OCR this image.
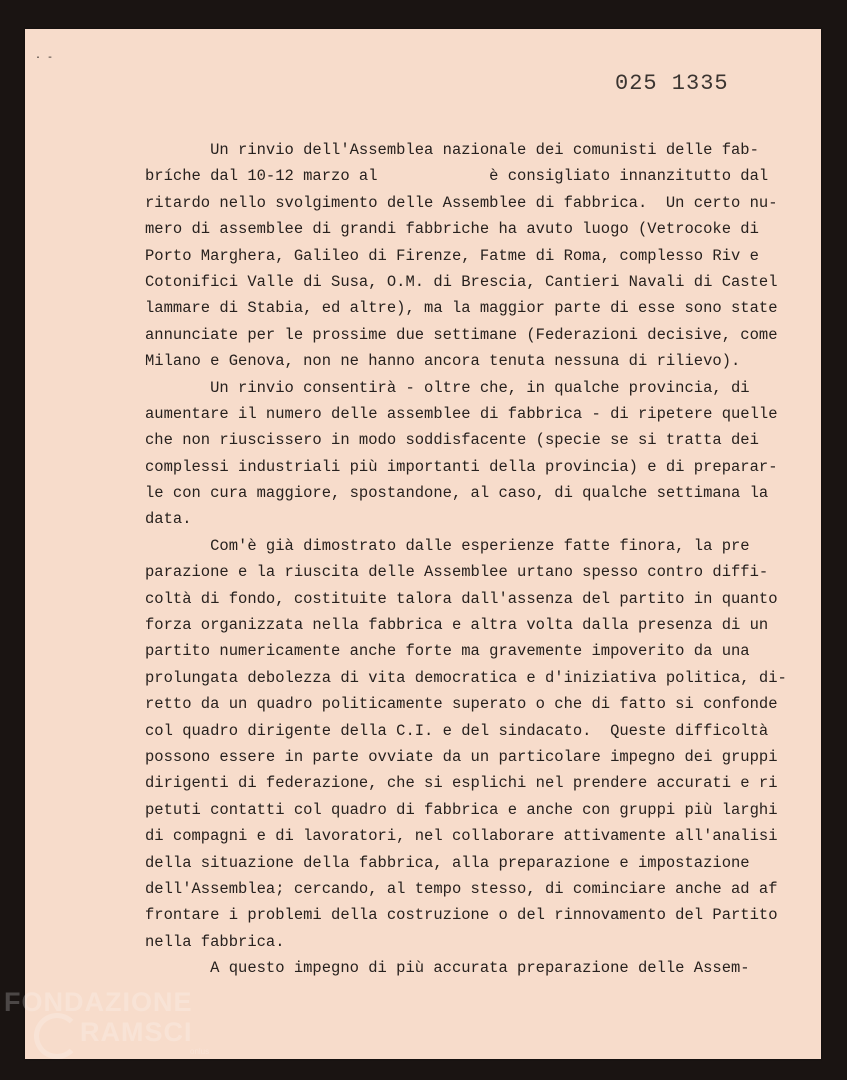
· -
025 1335
Un rinvio dell'Assemblea nazionale dei comunisti delle fab-
bríche dal 10-12 marzo al            è consigliato innanzitutto dal
ritardo nello svolgimento delle Assemblee di fabbrica.  Un certo nu-
mero di assemblee di grandi fabbriche ha avuto luogo (Vetrocoke di
Porto Marghera, Galileo di Firenze, Fatme di Roma, complesso Riv e
Cotonifici Valle di Susa, O.M. di Brescia, Cantieri Navali di Castel
lammare di Stabia, ed altre), ma la maggior parte di esse sono state
annunciate per le prossime due settimane (Federazioni decisive, come
Milano e Genova, non ne hanno ancora tenuta nessuna di rilievo).
Un rinvio consentirà - oltre che, in qualche provincia, di
aumentare il numero delle assemblee di fabbrica - di ripetere quelle
che non riuscissero in modo soddisfacente (specie se si tratta dei
complessi industriali più importanti della provincia) e di preparar-
le con cura maggiore, spostandone, al caso, di qualche settimana la
data.
Com'è già dimostrato dalle esperienze fatte finora, la pre
parazione e la riuscita delle Assemblee urtano spesso contro diffi-
coltà di fondo, costituite talora dall'assenza del partito in quanto
forza organizzata nella fabbrica e altra volta dalla presenza di un
partito numericamente anche forte ma gravemente impoverito da una
prolungata debolezza di vita democratica e d'iniziativa politica, di-
retto da un quadro politicamente superato o che di fatto si confonde
col quadro dirigente della C.I. e del sindacato.  Queste difficoltà
possono essere in parte ovviate da un particolare impegno dei gruppi
dirigenti di federazione, che si esplichi nel prendere accurati e ri
petuti contatti col quadro di fabbrica e anche con gruppi più larghi
di compagni e di lavoratori, nel collaborare attivamente all'analisi
della situazione della fabbrica, alla preparazione e impostazione
dell'Assemblea; cercando, al tempo stesso, di cominciare anche ad af
frontare i problemi della costruzione o del rinnovamento del Partito
nella fabbrica.
A questo impegno di più accurata preparazione delle Assem-
FONDAZIONE
RAMSCI
onlus
